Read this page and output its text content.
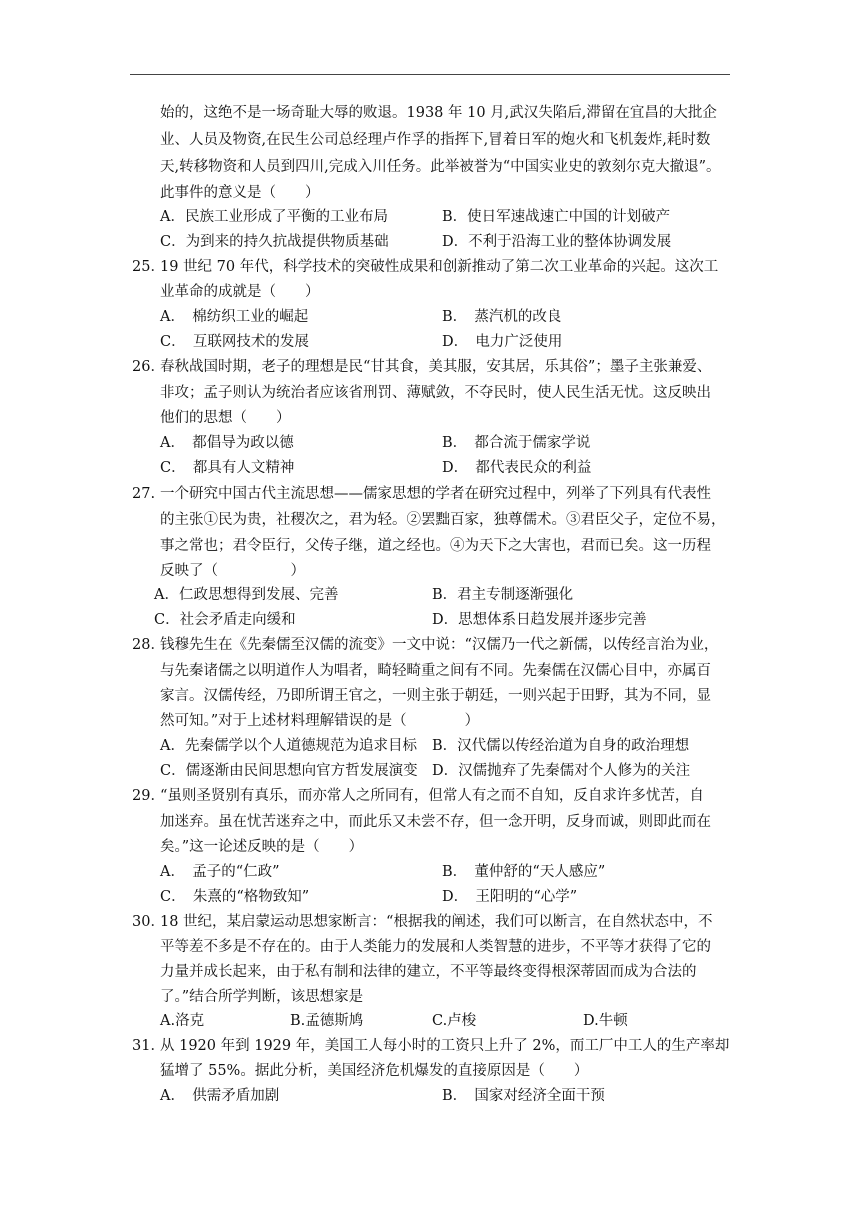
始的，这绝不是一场奇耻大辱的败退。1938 年 10 月,武汉失陷后,滞留在宜昌的大批企
业、人员及物资,在民生公司总经理卢作孚的指挥下,冒着日军的炮火和飞机轰炸,耗时数
天,转移物资和人员到四川,完成入川任务。此举被誉为“中国实业史的敦刻尔克大撤退”。
此事件的意义是（　　）
A．民族工业形成了平衡的工业布局	B．使日军速战速亡中国的计划破产
C．为到来的持久抗战提供物质基础	D．不利于沿海工业的整体协调发展
25．
19 世纪 70 年代，科学技术的突破性成果和创新推动了第二次工业革命的兴起。这次工
业革命的成就是（　　）
A．　棉纺织工业的崛起	B．　蒸汽机的改良
C．　互联网技术的发展	D．　电力广泛使用
26．
春秋战国时期，老子的理想是民“甘其食，美其服，安其居，乐其俗”；墨子主张兼爱、
非攻；孟子则认为统治者应该省刑罚、薄赋敛，不夺民时，使人民生活无忧。这反映出
他们的思想（　　）
A．　都倡导为政以德	B．　都合流于儒家学说
C．　都具有人文精神	D．　都代表民众的利益
27. 一个研究中国古代主流思想——儒家思想的学者在研究过程中，列举了下列具有代表性
的主张①民为贵，社稷次之，君为轻。②罢黜百家，独尊儒术。③君臣父子，定位不易，
事之常也；君令臣行，父传子继，道之经也。④为天下之大害也，君而已矣。这一历程
反映了（　　　　　）
A．仁政思想得到发展、完善	B．君主专制逐渐强化
C．社会矛盾走向缓和	D．思想体系日趋发展并逐步完善
28．
钱穆先生在《先秦儒至汉儒的流变》一文中说：“汉儒乃一代之新儒，以传经言治为业，
与先秦诸儒之以明道作人为唱者，畸轻畸重之间有不同。先秦儒在汉儒心目中，亦属百
家言。汉儒传经，乃即所谓王官之，一则主张于朝廷，一则兴起于田野，其为不同，显
然可知。”对于上述材料理解错误的是（　　　　）
A．先秦儒学以个人道德规范为追求目标 B．汉代儒以传经治道为自身的政治理想
C．儒逐渐由民间思想向官方哲发展演变 D．汉儒抛弃了先秦儒对个人修为的关注
29．
“虽则圣贤别有真乐，而亦常人之所同有，但常人有之而不自知，反自求许多忧苦，自
加迷弃。虽在忧苦迷弃之中，而此乐又未尝不存，但一念开明，反身而诚，则即此而在
矣。”这一论述反映的是（　　）
A．　孟子的“仁政”	B．　董仲舒的“天人感应”
C．　朱熹的“格物致知”	D．　王阳明的“心学”
30．
18 世纪，某启蒙运动思想家断言：“根据我的阐述，我们可以断言，在自然状态中，不
平等差不多是不存在的。由于人类能力的发展和人类智慧的进步，不平等才获得了它的
力量并成长起来，由于私有制和法律的建立，不平等最终变得根深蒂固而成为合法的
了。”结合所学判断，该思想家是
A.洛克	B.孟德斯鸠	C.卢梭	D.牛顿
31．
从 1920 年到 1929 年，美国工人每小时的工资只上升了 2%，而工厂中工人的生产率却
猛增了 55%。据此分析，美国经济危机爆发的直接原因是（　　）
A．　供需矛盾加剧	B．　国家对经济全面干预
